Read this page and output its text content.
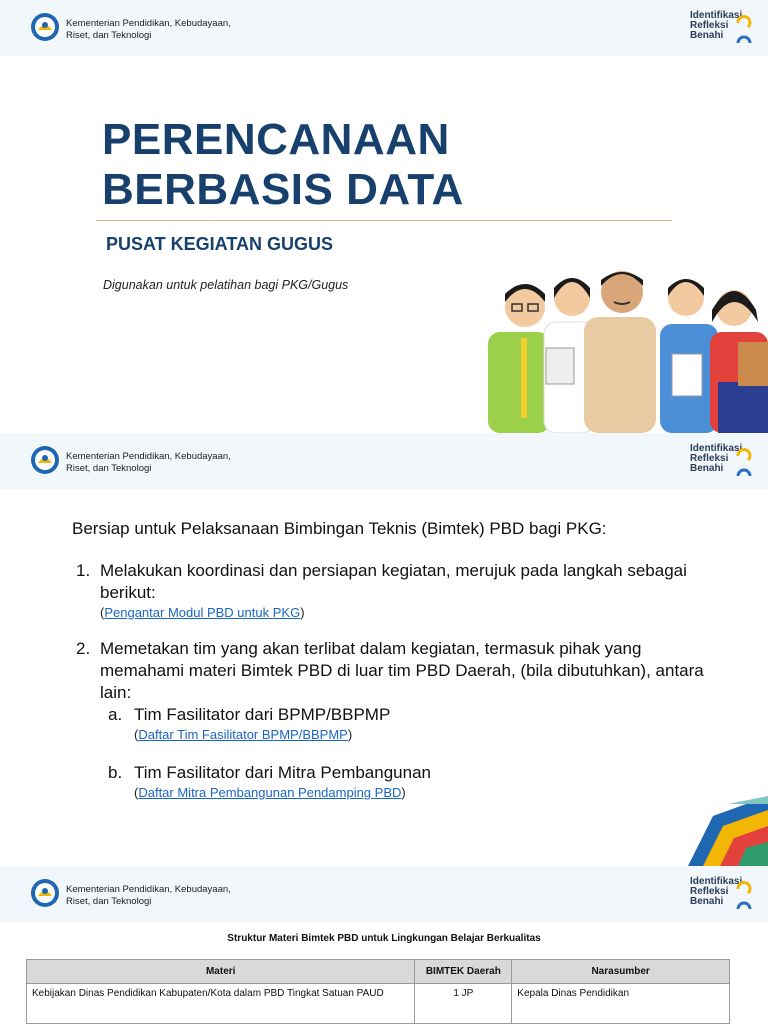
Kementerian Pendidikan, Kebudayaan,
Riset, dan Teknologi
Identifikasi
Refleksi
Benahi
PERENCANAAN
BERBASIS DATA
PUSAT KEGIATAN GUGUS
Digunakan untuk pelatihan bagi PKG/Gugus
Kementerian Pendidikan, Kebudayaan,
Riset, dan Teknologi
Identifikasi
Refleksi
Benahi
Bersiap untuk Pelaksanaan Bimbingan Teknis (Bimtek) PBD bagi PKG:
1. Melakukan koordinasi dan persiapan kegiatan, merujuk pada langkah sebagai berikut:
(Pengantar Modul PBD untuk PKG)
2. Memetakan tim yang akan terlibat dalam kegiatan, termasuk pihak yang memahami materi Bimtek PBD di luar tim PBD Daerah, (bila dibutuhkan), antara lain:
a. Tim Fasilitator dari BPMP/BBPMP
(Daftar Tim Fasilitator BPMP/BBPMP)
b. Tim Fasilitator dari Mitra Pembangunan
(Daftar Mitra Pembangunan Pendamping PBD)
Kementerian Pendidikan, Kebudayaan,
Riset, dan Teknologi
Identifikasi
Refleksi
Benahi
Struktur Materi Bimtek PBD untuk Lingkungan Belajar Berkualitas
Materi	BIMTEK Daerah	Narasumber
Kebijakan Dinas Pendidikan Kabupaten/Kota dalam PBD Tingkat Satuan PAUD	1 JP	Kepala Dinas Pendidikan
